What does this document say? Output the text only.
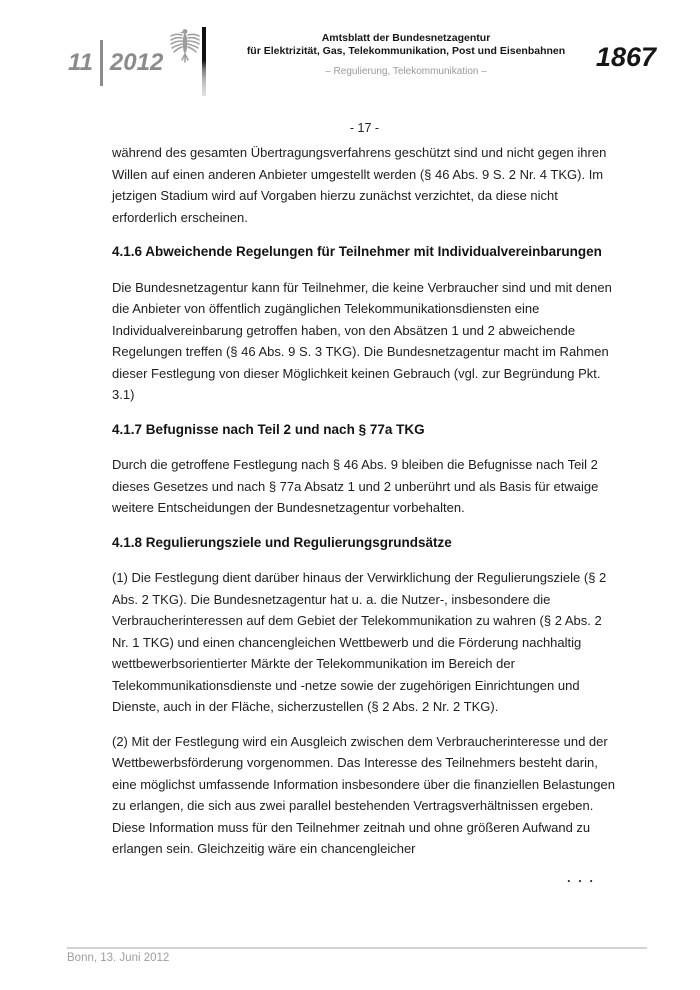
11 2012
Amtsblatt der Bundesnetzagentur
für Elektrizität, Gas, Telekommunikation, Post und Eisenbahnen
– Regulierung, Telekommunikation –	1867
- 17 -

während des gesamten Übertragungsverfahrens geschützt sind und nicht gegen ihren Willen auf einen anderen Anbieter umgestellt werden (§ 46 Abs. 9 S. 2 Nr. 4 TKG). Im jetzigen Stadium wird auf Vorgaben hierzu zunächst verzichtet, da diese nicht erforderlich erscheinen.

4.1.6 Abweichende Regelungen für Teilnehmer mit Individualvereinbarungen

Die Bundesnetzagentur kann für Teilnehmer, die keine Verbraucher sind und mit denen die Anbieter von öffentlich zugänglichen Telekommunikationsdiensten eine Individualvereinbarung getroffen haben, von den Absätzen 1 und 2 abweichende Regelungen treffen (§ 46 Abs. 9 S. 3 TKG). Die Bundesnetzagentur macht im Rahmen dieser Festlegung von dieser Möglichkeit keinen Gebrauch (vgl. zur Begründung Pkt. 3.1)

4.1.7 Befugnisse nach Teil 2 und nach § 77a TKG

Durch die getroffene Festlegung nach § 46 Abs. 9 bleiben die Befugnisse nach Teil 2 dieses Gesetzes und nach § 77a Absatz 1 und 2 unberührt und als Basis für etwaige weitere Entscheidungen der Bundesnetzagentur vorbehalten.

4.1.8 Regulierungsziele und Regulierungsgrundsätze

(1) Die Festlegung dient darüber hinaus der Verwirklichung der Regulierungsziele (§ 2 Abs. 2 TKG). Die Bundesnetzagentur hat u. a. die Nutzer-, insbesondere die Verbraucherinteressen auf dem Gebiet der Telekommunikation zu wahren (§ 2 Abs. 2 Nr. 1 TKG) und einen chancengleichen Wettbewerb und die Förderung nachhaltig wettbewerbsorientierter Märkte der Telekommunikation im Bereich der Telekommunikationsdienste und -netze sowie der zugehörigen Einrichtungen und Dienste, auch in der Fläche, sicherzustellen (§ 2 Abs. 2 Nr. 2 TKG).

(2) Mit der Festlegung wird ein Ausgleich zwischen dem Verbraucherinteresse und der Wettbewerbsförderung vorgenommen. Das Interesse des Teilnehmers besteht darin, eine möglichst umfassende Information insbesondere über die finanziellen Belastungen zu erlangen, die sich aus zwei parallel bestehenden Vertragsverhältnissen ergeben. Diese Information muss für den Teilnehmer zeitnah und ohne größeren Aufwand zu erlangen sein. Gleichzeitig wäre ein chancengleicher

. . .
Bonn, 13. Juni 2012
